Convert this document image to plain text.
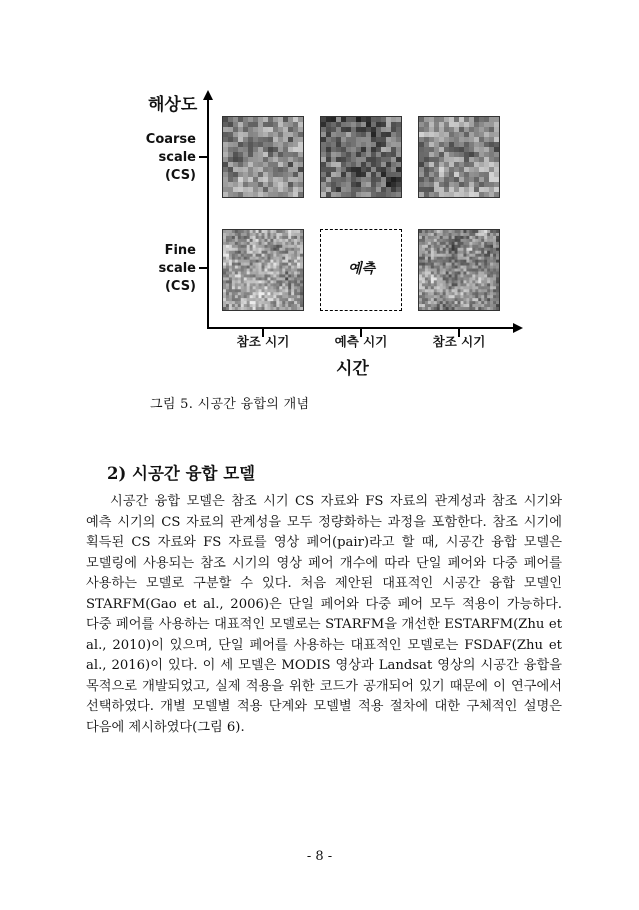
해상도
시간
Coarse
scale
(CS)
Fine
scale
(CS)
참조 시기	예측 시기	참조 시기
예측
그림 5. 시공간 융합의 개념
2) 시공간 융합 모델
시공간 융합 모델은 참조 시기 CS 자료와 FS 자료의 관계성과 참조 시기와 예측 시기의 CS 자료의 관계성을 모두 정량화하는 과정을 포함한다. 참조 시기에 획득된 CS 자료와 FS 자료를 영상 페어(pair)라고 할 때, 시공간 융합 모델은 모델링에 사용되는 참조 시기의 영상 페어 개수에 따라 단일 페어와 다중 페어를 사용하는 모델로 구분할 수 있다. 처음 제안된 대표적인 시공간 융합 모델인 STARFM(Gao et al., 2006)은 단일 페어와 다중 페어 모두 적용이 가능하다. 다중 페어를 사용하는 대표적인 모델로는 STARFM을 개선한 ESTARFM(Zhu et al., 2010)이 있으며, 단일 페어를 사용하는 대표적인 모델로는 FSDAF(Zhu et al., 2016)이 있다. 이 세 모델은 MODIS 영상과 Landsat 영상의 시공간 융합을 목적으로 개발되었고, 실제 적용을 위한 코드가 공개되어 있기 때문에 이 연구에서 선택하였다. 개별 모델별 적용 단계와 모델별 적용 절차에 대한 구체적인 설명은 다음에 제시하였다(그림 6).
- 8 -
